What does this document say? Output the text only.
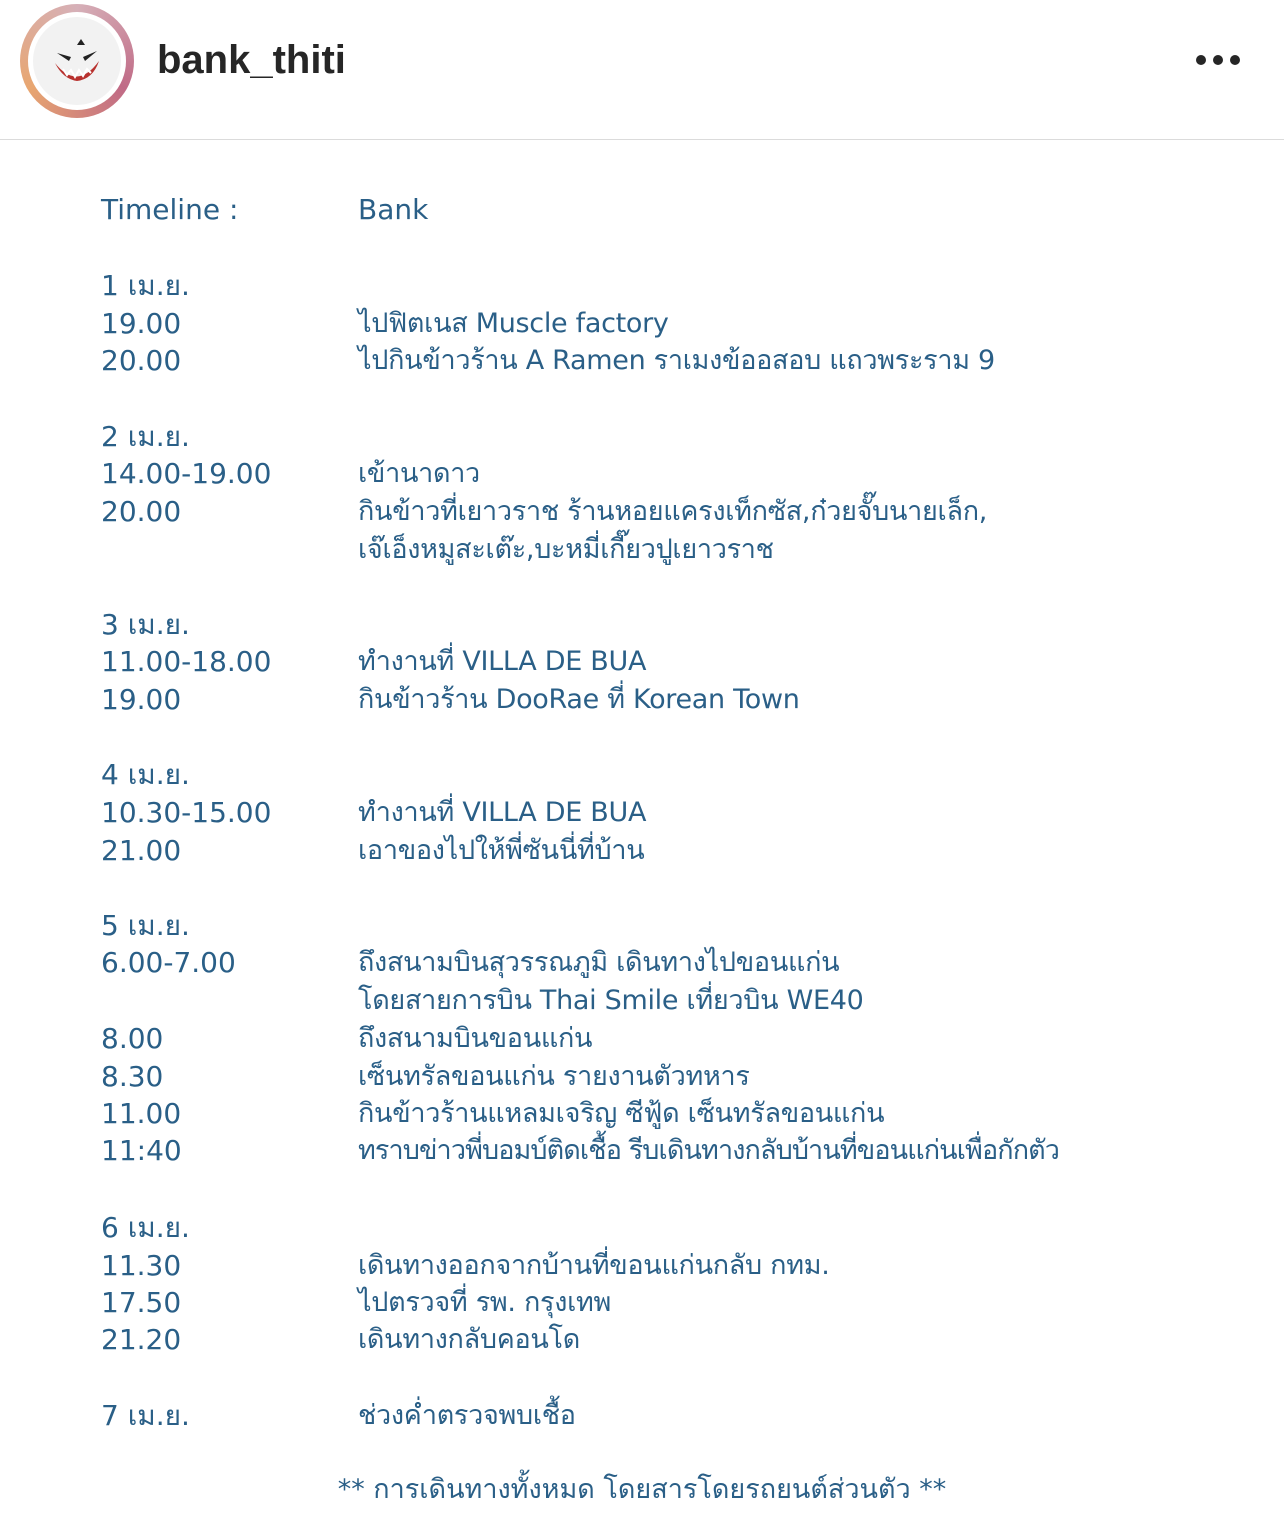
bank_thiti
Timeline :	Bank
1 เม.ย.
19.00	ไปฟิตเนส Muscle factory
20.00	ไปกินข้าวร้าน A Ramen ราเมงข้ออสอบ แถวพระราม 9
2 เม.ย.
14.00-19.00	เข้านาดาว
20.00	กินข้าวที่เยาวราช ร้านหอยแครงเท็กซัส,ก๋วยจั๊บนายเล็ก,
เจ๊เอ็งหมูสะเต๊ะ,บะหมี่เกี๊ยวปูเยาวราช
3 เม.ย.
11.00-18.00	ทำงานที่ VILLA DE BUA
19.00	กินข้าวร้าน DooRae ที่ Korean Town
4 เม.ย.
10.30-15.00	ทำงานที่ VILLA DE BUA
21.00	เอาของไปให้พี่ซันนี่ที่บ้าน
5 เม.ย.
6.00-7.00	ถึงสนามบินสุวรรณภูมิ เดินทางไปขอนแก่น
โดยสายการบิน Thai Smile เที่ยวบิน WE40
8.00	ถึงสนามบินขอนแก่น
8.30	เซ็นทรัลขอนแก่น รายงานตัวทหาร
11.00	กินข้าวร้านแหลมเจริญ ซีฟู้ด เซ็นทรัลขอนแก่น
11:40	ทราบข่าวพี่บอมบ์ติดเชื้อ รีบเดินทางกลับบ้านที่ขอนแก่นเพื่อกักตัว
6 เม.ย.
11.30	เดินทางออกจากบ้านที่ขอนแก่นกลับ กทม.
17.50	ไปตรวจที่ รพ. กรุงเทพ
21.20	เดินทางกลับคอนโด
7 เม.ย.	ช่วงค่ำตรวจพบเชื้อ
** การเดินทางทั้งหมด โดยสารโดยรถยนต์ส่วนตัว **
